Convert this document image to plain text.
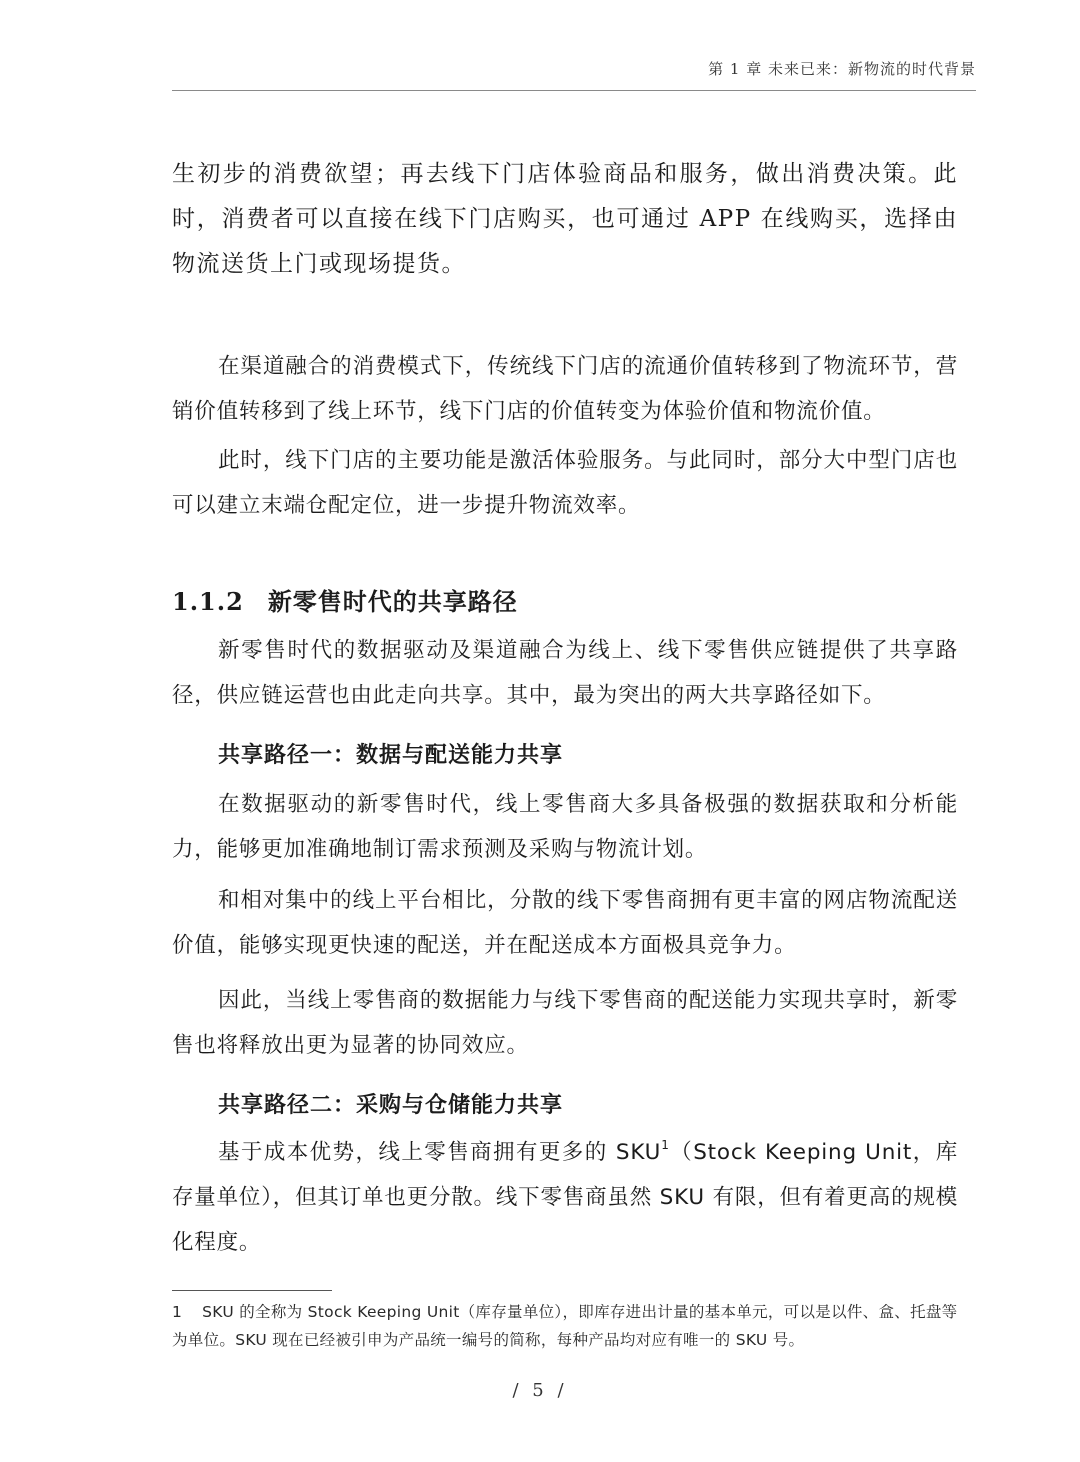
第 1 章 未来已来：新物流的时代背景

生初步的消费欲望；再去线下门店体验商品和服务，做出消费决策。此时，消费者可以直接在线下门店购买，也可通过 APP 在线购买，选择由物流送货上门或现场提货。

在渠道融合的消费模式下，传统线下门店的流通价值转移到了物流环节，营销价值转移到了线上环节，线下门店的价值转变为体验价值和物流价值。

此时，线下门店的主要功能是激活体验服务。与此同时，部分大中型门店也可以建立末端仓配定位，进一步提升物流效率。

1.1.2 新零售时代的共享路径

新零售时代的数据驱动及渠道融合为线上、线下零售供应链提供了共享路径，供应链运营也由此走向共享。其中，最为突出的两大共享路径如下。

共享路径一：数据与配送能力共享

在数据驱动的新零售时代，线上零售商大多具备极强的数据获取和分析能力，能够更加准确地制订需求预测及采购与物流计划。

和相对集中的线上平台相比，分散的线下零售商拥有更丰富的网店物流配送价值，能够实现更快速的配送，并在配送成本方面极具竞争力。

因此，当线上零售商的数据能力与线下零售商的配送能力实现共享时，新零售也将释放出更为显著的协同效应。

共享路径二：采购与仓储能力共享

基于成本优势，线上零售商拥有更多的 SKU$^1$（Stock Keeping Unit，库存量单位），但其订单也更分散。线下零售商虽然 SKU 有限，但有着更高的规模化程度。

1 SKU 的全称为 Stock Keeping Unit（库存量单位），即库存进出计量的基本单元，可以是以件、盒、托盘等为单位。SKU 现在已经被引申为产品统一编号的简称，每种产品均对应有唯一的 SKU 号。

/ 5 /
